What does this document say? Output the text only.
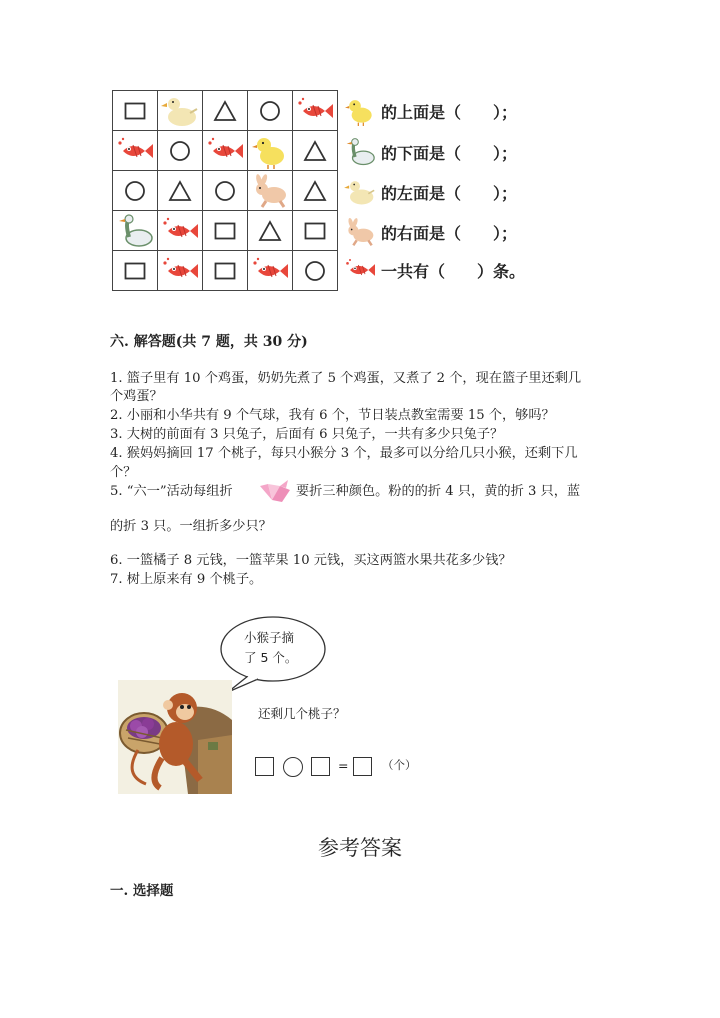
的上面是（　　）；
的下面是（　　）；
的左面是（　　）；
的右面是（　　）；
一共有（　　）条。
六. 解答题(共 7 题，共 30 分)
1. 篮子里有 10 个鸡蛋，奶奶先煮了 5 个鸡蛋，又煮了 2 个，现在篮子里还剩几
个鸡蛋？
2. 小丽和小华共有 9 个气球，我有 6 个，节日装点教室需要 15 个，够吗？
3. 大树的前面有 3 只兔子，后面有 6 只兔子，一共有多少只兔子？
4. 猴妈妈摘回 17 个桃子，每只小猴分 3 个，最多可以分给几只小猴，还剩下几
个？
5. “六一”活动每组折	要折三种颜色。粉的的折 4 只，黄的折 3 只，蓝
的折 3 只。一组折多少只？
6. 一篮橘子 8 元钱，一篮苹果 10 元钱，买这两篮水果共花多少钱？
7. 树上原来有 9 个桃子。
小猴子摘
了 5 个。
还剩几个桃子？
=	（个）
参考答案
一. 选择题
